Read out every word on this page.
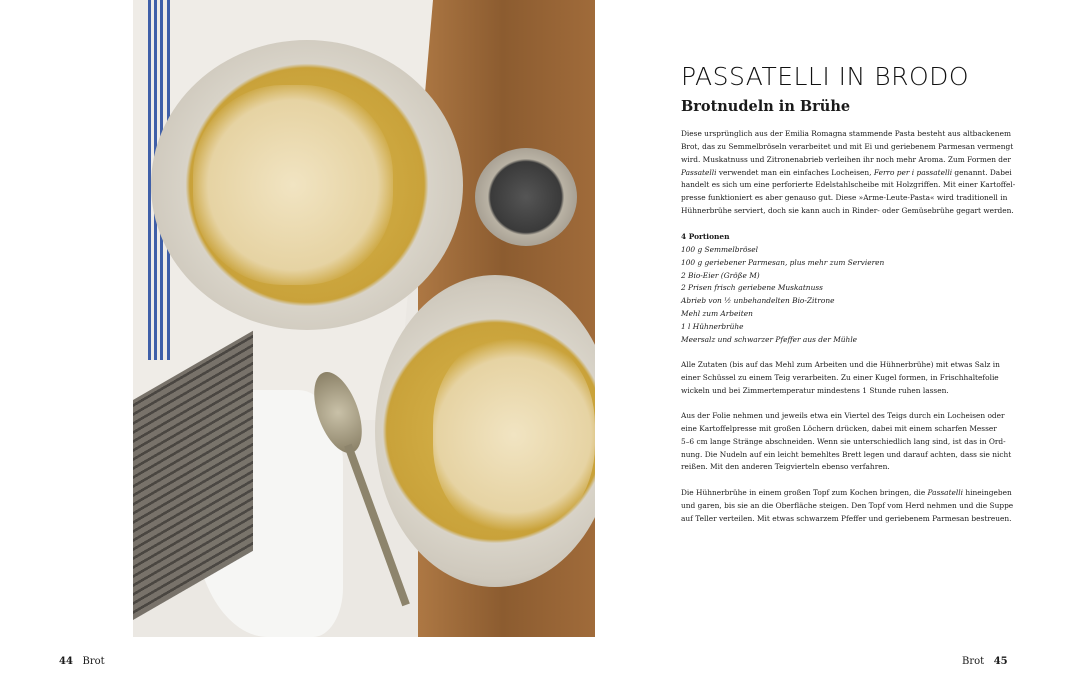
PASSATELLI IN BRODO
Brotnudeln in Brühe
Diese ursprünglich aus der Emilia Romagna stammende Pasta besteht aus altbackenem
Brot, das zu Semmelbröseln verarbeitet und mit Ei und geriebenem Parmesan vermengt
wird. Muskatnuss und Zitronenabrieb verleihen ihr noch mehr Aroma. Zum Formen der
Passatelli verwendet man ein einfaches Locheisen, Ferro per i passatelli genannt. Dabei
handelt es sich um eine perforierte Edelstahlscheibe mit Holzgriffen. Mit einer Kartoffel-
presse funktioniert es aber genauso gut. Diese »Arme-Leute-Pasta« wird traditionell in
Hühnerbrühe serviert, doch sie kann auch in Rinder- oder Gemüsebrühe gegart werden.
4 Portionen
100 g Semmelbrösel
100 g geriebener Parmesan, plus mehr zum Servieren
2 Bio-Eier (Größe M)
2 Prisen frisch geriebene Muskatnuss
Abrieb von ½ unbehandelten Bio-Zitrone
Mehl zum Arbeiten
1 l Hühnerbrühe
Meersalz und schwarzer Pfeffer aus der Mühle
Alle Zutaten (bis auf das Mehl zum Arbeiten und die Hühnerbrühe) mit etwas Salz in
einer Schüssel zu einem Teig verarbeiten. Zu einer Kugel formen, in Frischhaltefolie
wickeln und bei Zimmertemperatur mindestens 1 Stunde ruhen lassen.
Aus der Folie nehmen und jeweils etwa ein Viertel des Teigs durch ein Locheisen oder
eine Kartoffelpresse mit großen Löchern drücken, dabei mit einem scharfen Messer
5–6 cm lange Stränge abschneiden. Wenn sie unterschiedlich lang sind, ist das in Ord-
nung. Die Nudeln auf ein leicht bemehltes Brett legen und darauf achten, dass sie nicht
reißen. Mit den anderen Teigvierteln ebenso verfahren.
Die Hühnerbrühe in einem großen Topf zum Kochen bringen, die Passatelli hineingeben
und garen, bis sie an die Oberfläche steigen. Den Topf vom Herd nehmen und die Suppe
auf Teller verteilen. Mit etwas schwarzem Pfeffer und geriebenem Parmesan bestreuen.
44 Brot	Brot 45
